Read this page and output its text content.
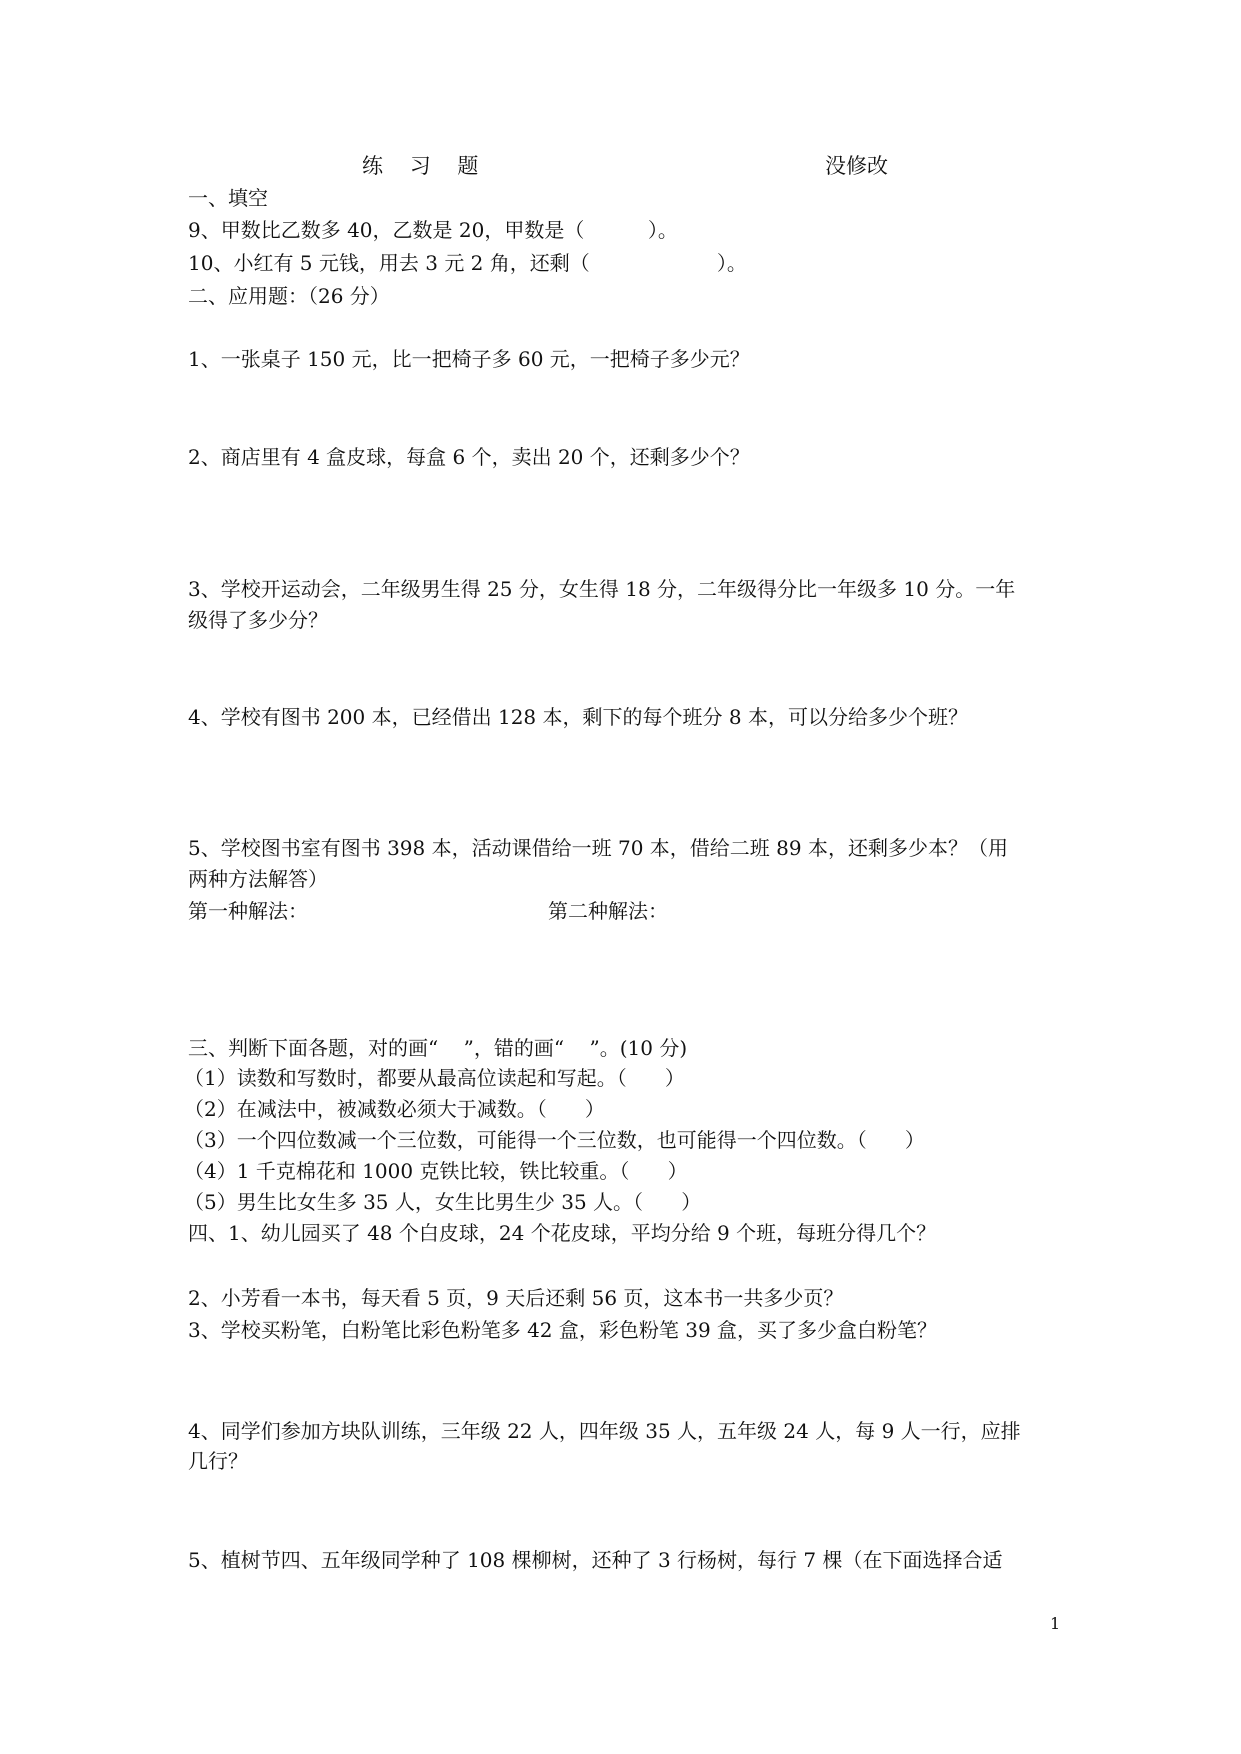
练    习    题	没修改
一、填空
9、甲数比乙数多 40，乙数是 20，甲数是（          ）。
10、小红有 5 元钱，用去 3 元 2 角，还剩（                    ）。
二、应用题：（26 分）
1、一张桌子 150 元，比一把椅子多 60 元，一把椅子多少元？
2、商店里有 4 盒皮球，每盒 6 个，卖出 20 个，还剩多少个？
3、学校开运动会，二年级男生得 25 分，女生得 18 分，二年级得分比一年级多 10 分。一年
级得了多少分？
4、学校有图书 200 本，已经借出 128 本，剩下的每个班分 8 本，可以分给多少个班？
5、学校图书室有图书 398 本，活动课借给一班 70 本，借给二班 89 本，还剩多少本？（用
两种方法解答）
第一种解法：	第二种解法：
三、判断下面各题，对的画“    ”，错的画“    ”。(10 分)
（1）读数和写数时，都要从最高位读起和写起。（      ）
（2）在减法中，被减数必须大于减数。（      ）
（3）一个四位数减一个三位数，可能得一个三位数，也可能得一个四位数。（      ）
（4）1 千克棉花和 1000 克铁比较，铁比较重。（      ）
（5）男生比女生多 35 人，女生比男生少 35 人。（      ）
四、1、幼儿园买了 48 个白皮球，24 个花皮球，平均分给 9 个班，每班分得几个？
2、小芳看一本书，每天看 5 页，9 天后还剩 56 页，这本书一共多少页？
3、学校买粉笔，白粉笔比彩色粉笔多 42 盒，彩色粉笔 39 盒，买了多少盒白粉笔？
4、同学们参加方块队训练，三年级 22 人，四年级 35 人，五年级 24 人，每 9 人一行，应排
几行？
5、植树节四、五年级同学种了 108 棵柳树，还种了 3 行杨树，每行 7 棵（在下面选择合适
1
